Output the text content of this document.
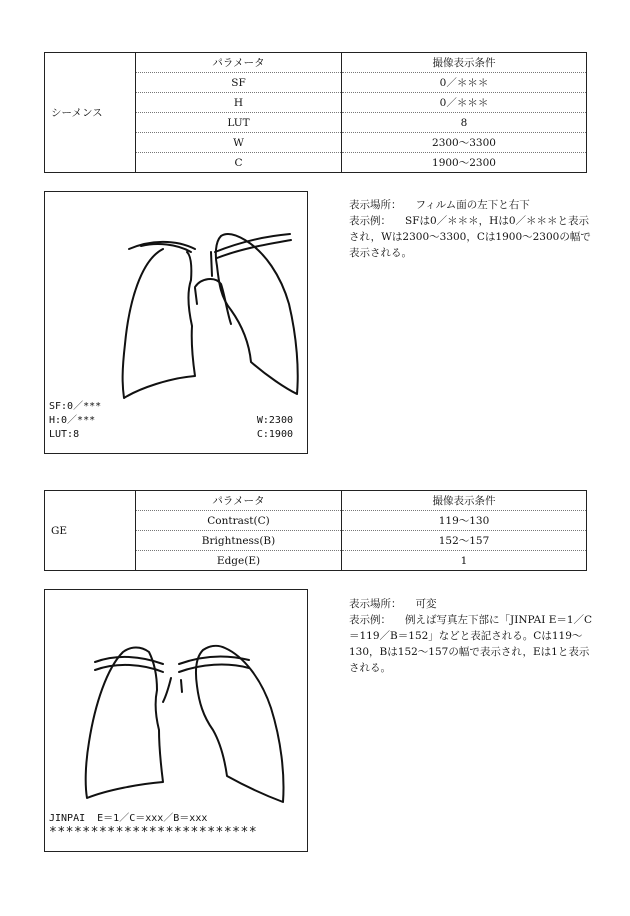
シーメンス	パラメータ	撮像表示条件
	SF	0／＊＊＊
	H	0／＊＊＊
	LUT	8
	W	2300～3300
	C	1900～2300
SF:0／***
H:0／***
LUT:8
W:2300
C:1900
表示場所： フィルム面の左下と右下
表示例： SFは0／＊＊＊，Hは0／＊＊＊と表示され，Wは2300～3300，Cは1900～2300の幅で表示される。
GE	パラメータ	撮像表示条件
	Contrast(C)	119～130
	Brightness(B)	152～157
	Edge(E)	1
JINPAI  E＝1／C＝xxx／B＝xxx
*************************
表示場所： 可変
表示例： 例えば写真左下部に「JINPAI E＝1／C＝119／B＝152」などと表記される。Cは119～130，Bは152～157の幅で表示され，Eは1と表示される。
